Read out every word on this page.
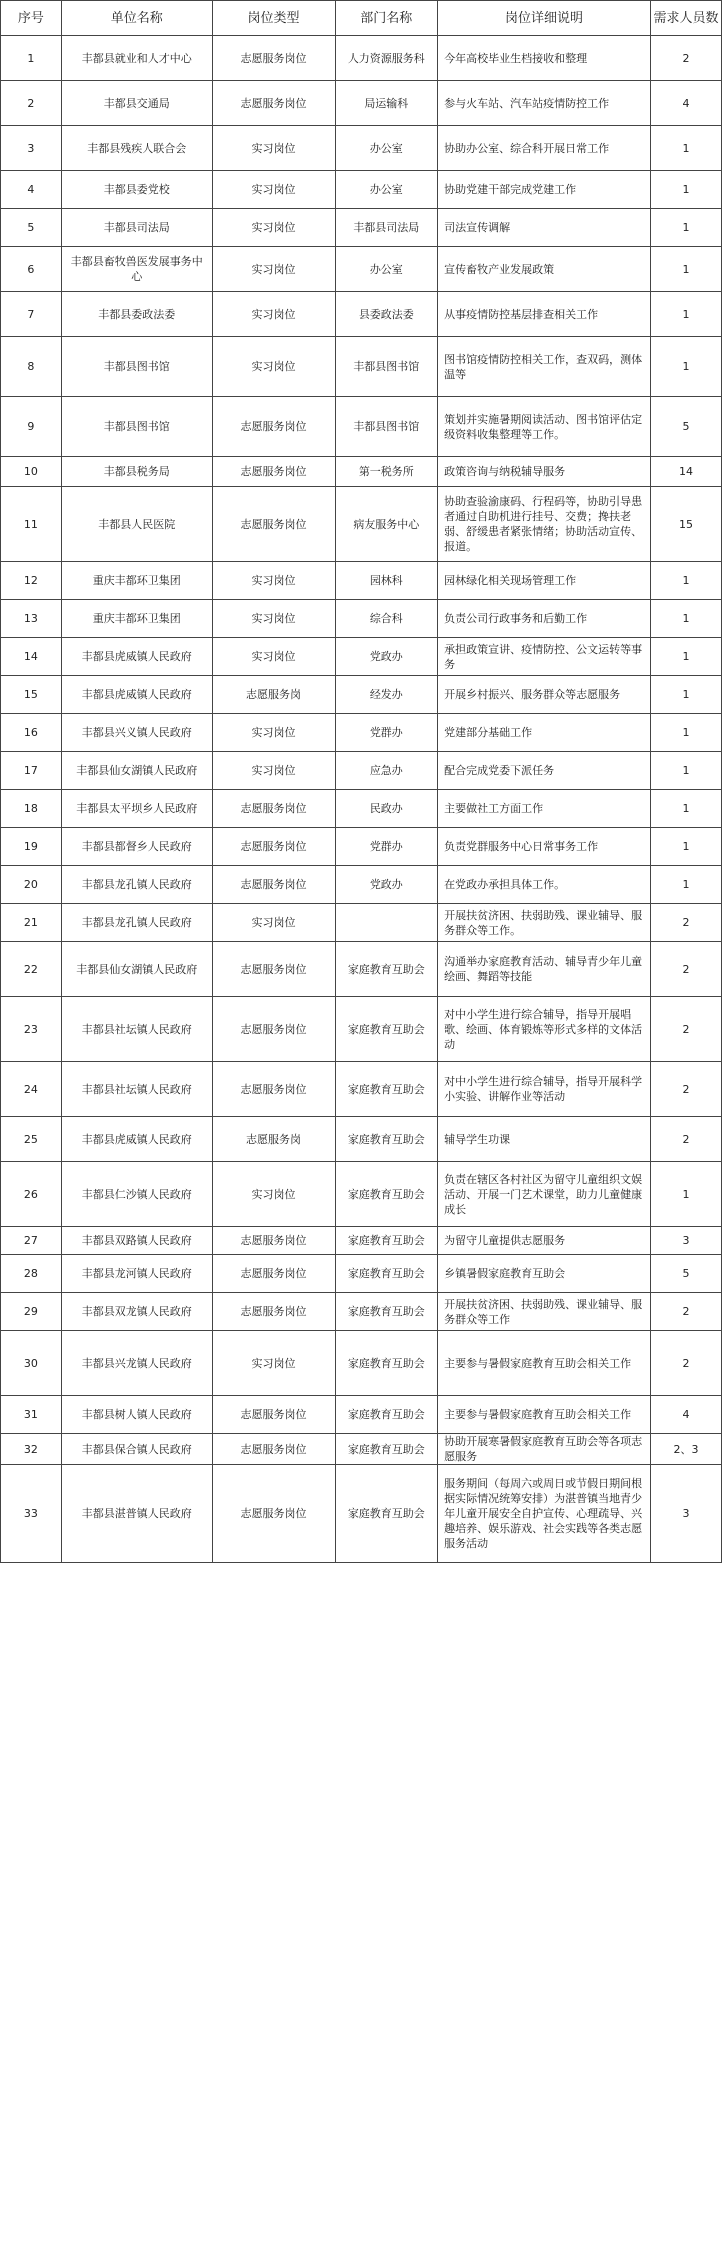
序号	单位名称	岗位类型	部门名称	岗位详细说明	需求人员数
1	丰都县就业和人才中心	志愿服务岗位	人力资源服务科	今年高校毕业生档接收和整理	2
2	丰都县交通局	志愿服务岗位	局运输科	参与火车站、汽车站疫情防控工作	4
3	丰都县残疾人联合会	实习岗位	办公室	协助办公室、综合科开展日常工作	1
4	丰都县委党校	实习岗位	办公室	协助党建干部完成党建工作	1
5	丰都县司法局	实习岗位	丰都县司法局	司法宣传调解	1
6	丰都县畜牧兽医发展事务中心	实习岗位	办公室	宣传畜牧产业发展政策	1
7	丰都县委政法委	实习岗位	县委政法委	从事疫情防控基层排查相关工作	1
8	丰都县图书馆	实习岗位	丰都县图书馆	图书馆疫情防控相关工作，查双码，测体温等	1
9	丰都县图书馆	志愿服务岗位	丰都县图书馆	策划并实施暑期阅读活动、图书馆评估定级资料收集整理等工作。	5
10	丰都县税务局	志愿服务岗位	第一税务所	政策咨询与纳税辅导服务	14
11	丰都县人民医院	志愿服务岗位	病友服务中心	协助查验渝康码、行程码等，协助引导患者通过自助机进行挂号、交费；搀扶老弱、舒缓患者紧张情绪；协助活动宣传、报道。	15
12	重庆丰都环卫集团	实习岗位	园林科	园林绿化相关现场管理工作	1
13	重庆丰都环卫集团	实习岗位	综合科	负责公司行政事务和后勤工作	1
14	丰都县虎威镇人民政府	实习岗位	党政办	承担政策宣讲、疫情防控、公文运转等事务	1
15	丰都县虎威镇人民政府	志愿服务岗	经发办	开展乡村振兴、服务群众等志愿服务	1
16	丰都县兴义镇人民政府	实习岗位	党群办	党建部分基础工作	1
17	丰都县仙女湖镇人民政府	实习岗位	应急办	配合完成党委下派任务	1
18	丰都县太平坝乡人民政府	志愿服务岗位	民政办	主要做社工方面工作	1
19	丰都县都督乡人民政府	志愿服务岗位	党群办	负责党群服务中心日常事务工作	1
20	丰都县龙孔镇人民政府	志愿服务岗位	党政办	在党政办承担具体工作。	1
21	丰都县龙孔镇人民政府	实习岗位		开展扶贫济困、扶弱助残、课业辅导、服务群众等工作。	2
22	丰都县仙女湖镇人民政府	志愿服务岗位	家庭教育互助会	沟通举办家庭教育活动、辅导青少年儿童绘画、舞蹈等技能	2
23	丰都县社坛镇人民政府	志愿服务岗位	家庭教育互助会	对中小学生进行综合辅导，指导开展唱歌、绘画、体育锻炼等形式多样的文体活动	2
24	丰都县社坛镇人民政府	志愿服务岗位	家庭教育互助会	对中小学生进行综合辅导，指导开展科学小实验、讲解作业等活动	2
25	丰都县虎威镇人民政府	志愿服务岗	家庭教育互助会	辅导学生功课	2
26	丰都县仁沙镇人民政府	实习岗位	家庭教育互助会	负责在辖区各村社区为留守儿童组织文娱活动、开展一门艺术课堂，助力儿童健康成长	1
27	丰都县双路镇人民政府	志愿服务岗位	家庭教育互助会	为留守儿童提供志愿服务	3
28	丰都县龙河镇人民政府	志愿服务岗位	家庭教育互助会	乡镇暑假家庭教育互助会	5
29	丰都县双龙镇人民政府	志愿服务岗位	家庭教育互助会	开展扶贫济困、扶弱助残、课业辅导、服务群众等工作	2
30	丰都县兴龙镇人民政府	实习岗位	家庭教育互助会	主要参与暑假家庭教育互助会相关工作	2
31	丰都县树人镇人民政府	志愿服务岗位	家庭教育互助会	主要参与暑假家庭教育互助会相关工作	4
32	丰都县保合镇人民政府	志愿服务岗位	家庭教育互助会	协助开展寒暑假家庭教育互助会等各项志愿服务	2、3
33	丰都县湛普镇人民政府	志愿服务岗位	家庭教育互助会	服务期间（每周六或周日或节假日期间根据实际情况统筹安排）为湛普镇当地青少年儿童开展安全自护宣传、心理疏导、兴趣培养、娱乐游戏、社会实践等各类志愿服务活动	3
